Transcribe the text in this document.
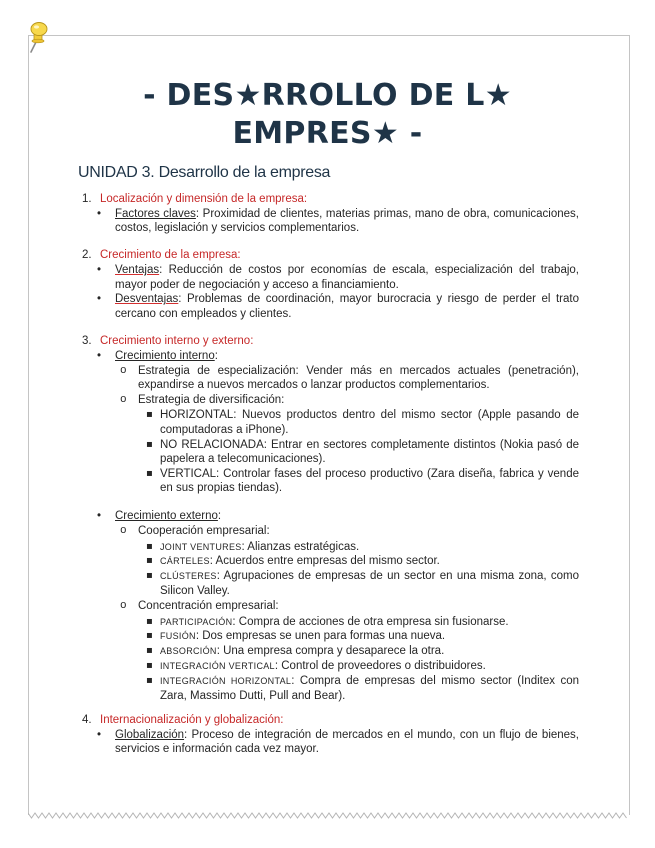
- DES★RROLLO DE L★
EMPRES★ -
UNIDAD 3. Desarrollo de la empresa
1. Localización y dimensión de la empresa:
• Factores claves: Proximidad de clientes, materias primas, mano de obra, comunicaciones, costos, legislación y servicios complementarios.
2. Crecimiento de la empresa:
• Ventajas: Reducción de costos por economías de escala, especialización del trabajo, mayor poder de negociación y acceso a financiamiento.
• Desventajas: Problemas de coordinación, mayor burocracia y riesgo de perder el trato cercano con empleados y clientes.
3. Crecimiento interno y externo:
• Crecimiento interno:
o Estrategia de especialización: Vender más en mercados actuales (penetración), expandirse a nuevos mercados o lanzar productos complementarios.
o Estrategia de diversificación:
▪ HORIZONTAL: Nuevos productos dentro del mismo sector (Apple pasando de computadoras a iPhone).
▪ NO RELACIONADA: Entrar en sectores completamente distintos (Nokia pasó de papelera a telecomunicaciones).
▪ VERTICAL: Controlar fases del proceso productivo (Zara diseña, fabrica y vende en sus propias tiendas).
• Crecimiento externo:
o Cooperación empresarial:
▪ JOINT VENTURES: Alianzas estratégicas.
▪ CÁRTELES: Acuerdos entre empresas del mismo sector.
▪ CLÚSTERES: Agrupaciones de empresas de un sector en una misma zona, como Silicon Valley.
o Concentración empresarial:
▪ PARTICIPACIÓN: Compra de acciones de otra empresa sin fusionarse.
▪ FUSIÓN: Dos empresas se unen para formas una nueva.
▪ ABSORCIÓN: Una empresa compra y desaparece la otra.
▪ INTEGRACIÓN VERTICAL: Control de proveedores o distribuidores.
▪ INTEGRACIÓN HORIZONTAL: Compra de empresas del mismo sector (Inditex con Zara, Massimo Dutti, Pull and Bear).
4. Internacionalización y globalización:
• Globalización: Proceso de integración de mercados en el mundo, con un flujo de bienes, servicios e información cada vez mayor.
